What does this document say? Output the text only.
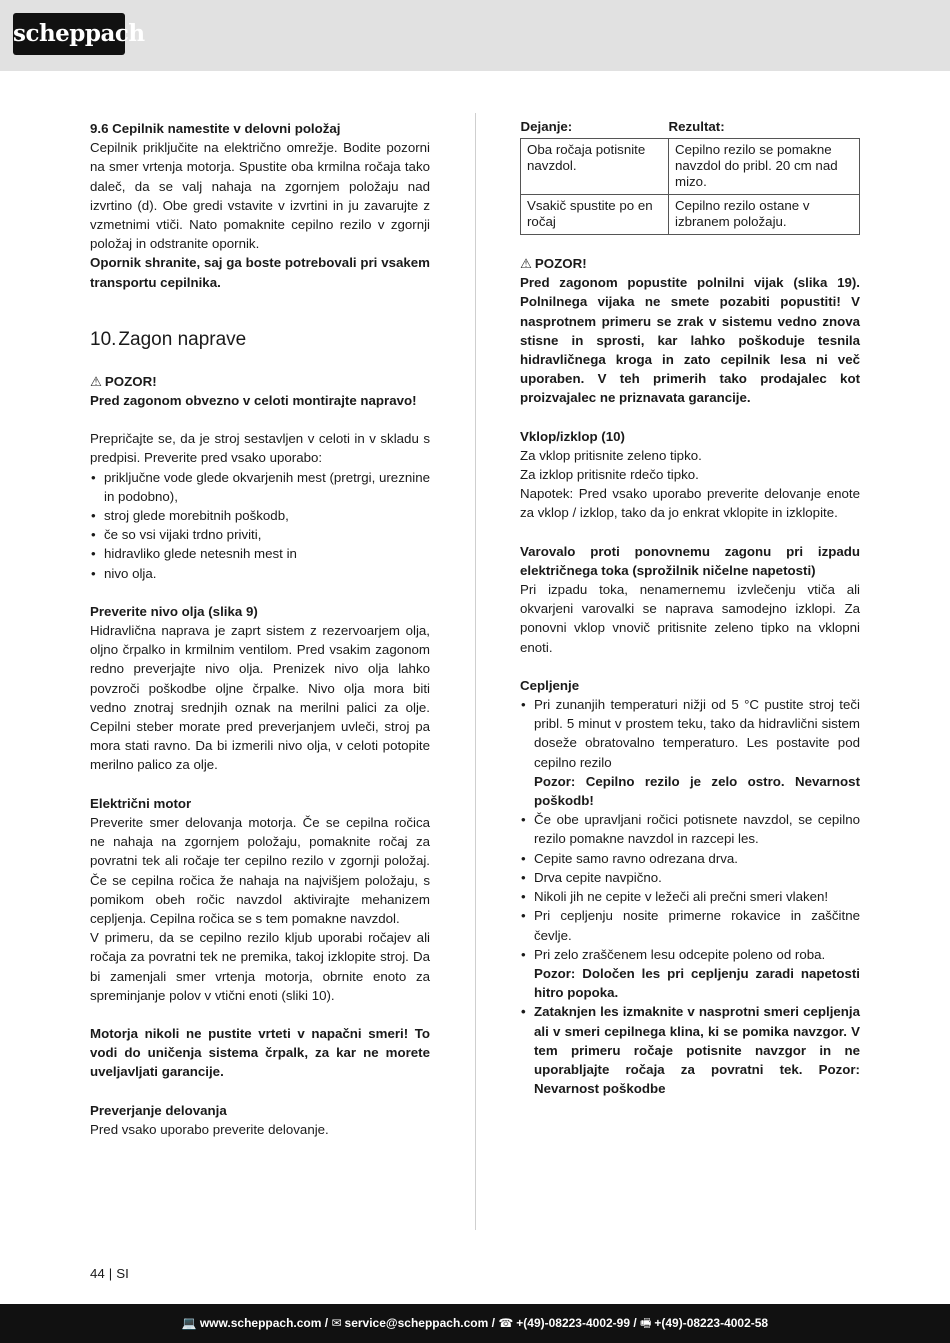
scheppach

9.6 Cepilnik namestite v delovni položaj

Cepilnik priključite na električno omrežje. Bodite pozorni na smer vrtenja motorja. Spustite oba krmilna ročaja tako daleč, da se valj nahaja na zgornjem položaju nad izvrtino (d). Obe gredi vstavite v izvrtini in ju zavarujte z vzmetnimi vtiči. Nato pomaknite cepilno rezilo v zgornji položaj in odstranite opornik.

Opornik shranite, saj ga boste potrebovali pri vsakem transportu cepilnika.

10. Zagon naprave

⚠ POZOR!

Pred zagonom obvezno v celoti montirajte napravo!

Prepričajte se, da je stroj sestavljen v celoti in v skladu s predpisi. Preverite pred vsako uporabo:

• priključne vode glede okvarjenih mest (pretrgi, ureznine in podobno),
• stroj glede morebitnih poškodb,
• če so vsi vijaki trdno priviti,
• hidravliko glede netesnih mest in
• nivo olja.

Preverite nivo olja (slika 9)

Hidravlična naprava je zaprt sistem z rezervoarjem olja, oljno črpalko in krmilnim ventilom. Pred vsakim zagonom redno preverjajte nivo olja. Prenizek nivo olja lahko povzroči poškodbe oljne črpalke. Nivo olja mora biti vedno znotraj srednjih oznak na merilni palici za olje. Cepilni steber morate pred preverjanjem uvleči, stroj pa mora stati ravno. Da bi izmerili nivo olja, v celoti potopite merilno palico za olje.

Električni motor

Preverite smer delovanja motorja. Če se cepilna ročica ne nahaja na zgornjem položaju, pomaknite ročaj za povratni tek ali ročaje ter cepilno rezilo v zgornji položaj. Če se cepilna ročica že nahaja na najvišjem položaju, s pomikom obeh ročic navzdol aktivirajte mehanizem cepljenja. Cepilna ročica se s tem pomakne navzdol.

V primeru, da se cepilno rezilo kljub uporabi ročajev ali ročaja za povratni tek ne premika, takoj izklopite stroj. Da bi zamenjali smer vrtenja motorja, obrnite enoto za spreminjanje polov v vtični enoti (sliki 10).

Motorja nikoli ne pustite vrteti v napačni smeri! To vodi do uničenja sistema črpalk, za kar ne morete uveljavljati garancije.

Preverjanje delovanja

Pred vsako uporabo preverite delovanje.

Dejanje:	Rezultat:
Oba ročaja potisnite navzdol.	Cepilno rezilo se pomakne navzdol do pribl. 20 cm nad mizo.
Vsakič spustite po en ročaj	Cepilno rezilo ostane v izbranem položaju.

⚠ POZOR!

Pred zagonom popustite polnilni vijak (slika 19). Polnilnega vijaka ne smete pozabiti popustiti! V nasprotnem primeru se zrak v sistemu vedno znova stisne in sprosti, kar lahko poškoduje tesnila hidravličnega kroga in zato cepilnik lesa ni več uporaben. V teh primerih tako prodajalec kot proizvajalec ne priznavata garancije.

Vklop/izklop (10)

Za vklop pritisnite zeleno tipko.

Za izklop pritisnite rdečo tipko.

Napotek: Pred vsako uporabo preverite delovanje enote za vklop / izklop, tako da jo enkrat vklopite in izklopite.

Varovalo proti ponovnemu zagonu pri izpadu električnega toka (sprožilnik ničelne napetosti)

Pri izpadu toka, nenamernemu izvlečenju vtiča ali okvarjeni varovalki se naprava samodejno izklopi. Za ponovni vklop vnovič pritisnite zeleno tipko na vklopni enoti.

Cepljenje

• Pri zunanjih temperaturi nižji od 5 °C pustite stroj teči pribl. 5 minut v prostem teku, tako da hidravlični sistem doseže obratovalno temperaturo. Les postavite pod cepilno rezilo
Pozor: Cepilno rezilo je zelo ostro. Nevarnost poškodb!
• Če obe upravljani ročici potisnete navzdol, se cepilno rezilo pomakne navzdol in razcepi les.
• Cepite samo ravno odrezana drva.
• Drva cepite navpično.
• Nikoli jih ne cepite v ležeči ali prečni smeri vlaken!
• Pri cepljenju nosite primerne rokavice in zaščitne čevlje.
• Pri zelo zraščenem lesu odcepite poleno od roba.
Pozor: Določen les pri cepljenju zaradi napetosti hitro popoka.
• Zataknjen les izmaknite v nasprotni smeri cepljenja ali v smeri cepilnega klina, ki se pomika navzgor. V tem primeru ročaje potisnite navzgor in ne uporabljajte ročaja za povratni tek. Pozor: Nevarnost poškodbe
44 | SI
💻 www.scheppach.com / ✉ service@scheppach.com / ☎ +(49)-08223-4002-99 / 🖷 +(49)-08223-4002-58
